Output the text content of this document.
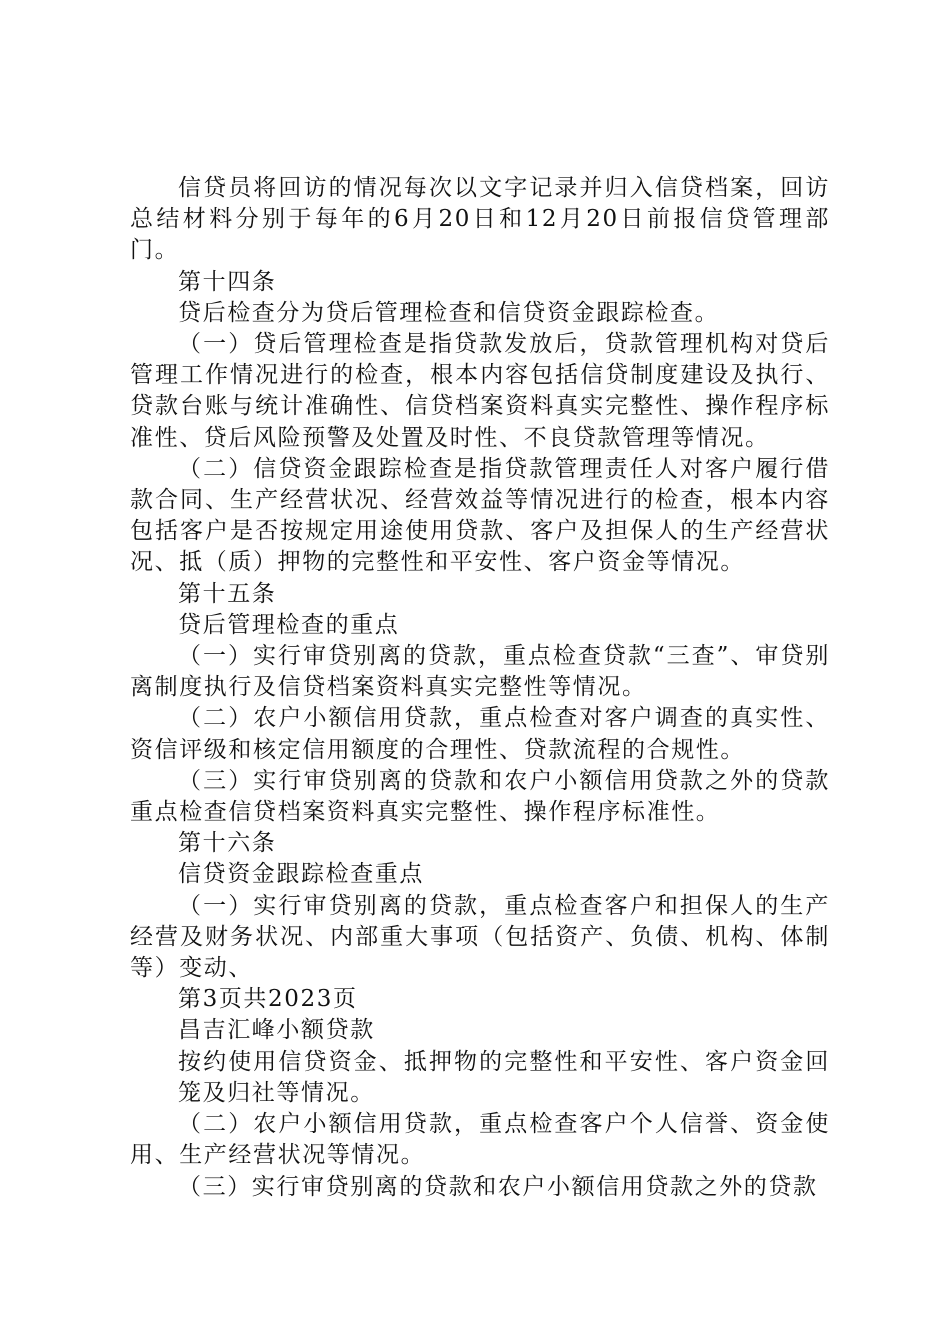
信贷员将回访的情况每次以文字记录并归入信贷档案，回访总结材料分别于每年的6月20日和12月20日前报信贷管理部门。

第十四条

贷后检查分为贷后管理检查和信贷资金跟踪检查。

（一）贷后管理检查是指贷款发放后，贷款管理机构对贷后管理工作情况进行的检查，根本内容包括信贷制度建设及执行、贷款台账与统计准确性、信贷档案资料真实完整性、操作程序标准性、贷后风险预警及处置及时性、不良贷款管理等情况。

（二）信贷资金跟踪检查是指贷款管理责任人对客户履行借款合同、生产经营状况、经营效益等情况进行的检查，根本内容包括客户是否按规定用途使用贷款、客户及担保人的生产经营状况、抵（质）押物的完整性和平安性、客户资金等情况。

第十五条

贷后管理检查的重点

（一）实行审贷别离的贷款，重点检查贷款“三查”、审贷别离制度执行及信贷档案资料真实完整性等情况。

（二）农户小额信用贷款，重点检查对客户调查的真实性、资信评级和核定信用额度的合理性、贷款流程的合规性。

（三）实行审贷别离的贷款和农户小额信用贷款之外的贷款重点检查信贷档案资料真实完整性、操作程序标准性。

第十六条

信贷资金跟踪检查重点

（一）实行审贷别离的贷款，重点检查客户和担保人的生产经营及财务状况、内部重大事项（包括资产、负债、机构、体制等）变动、

第3页共2023页

昌吉汇峰小额贷款

按约使用信贷资金、抵押物的完整性和平安性、客户资金回笼及归社等情况。

（二）农户小额信用贷款，重点检查客户个人信誉、资金使用、生产经营状况等情况。

（三）实行审贷别离的贷款和农户小额信用贷款之外的贷款
